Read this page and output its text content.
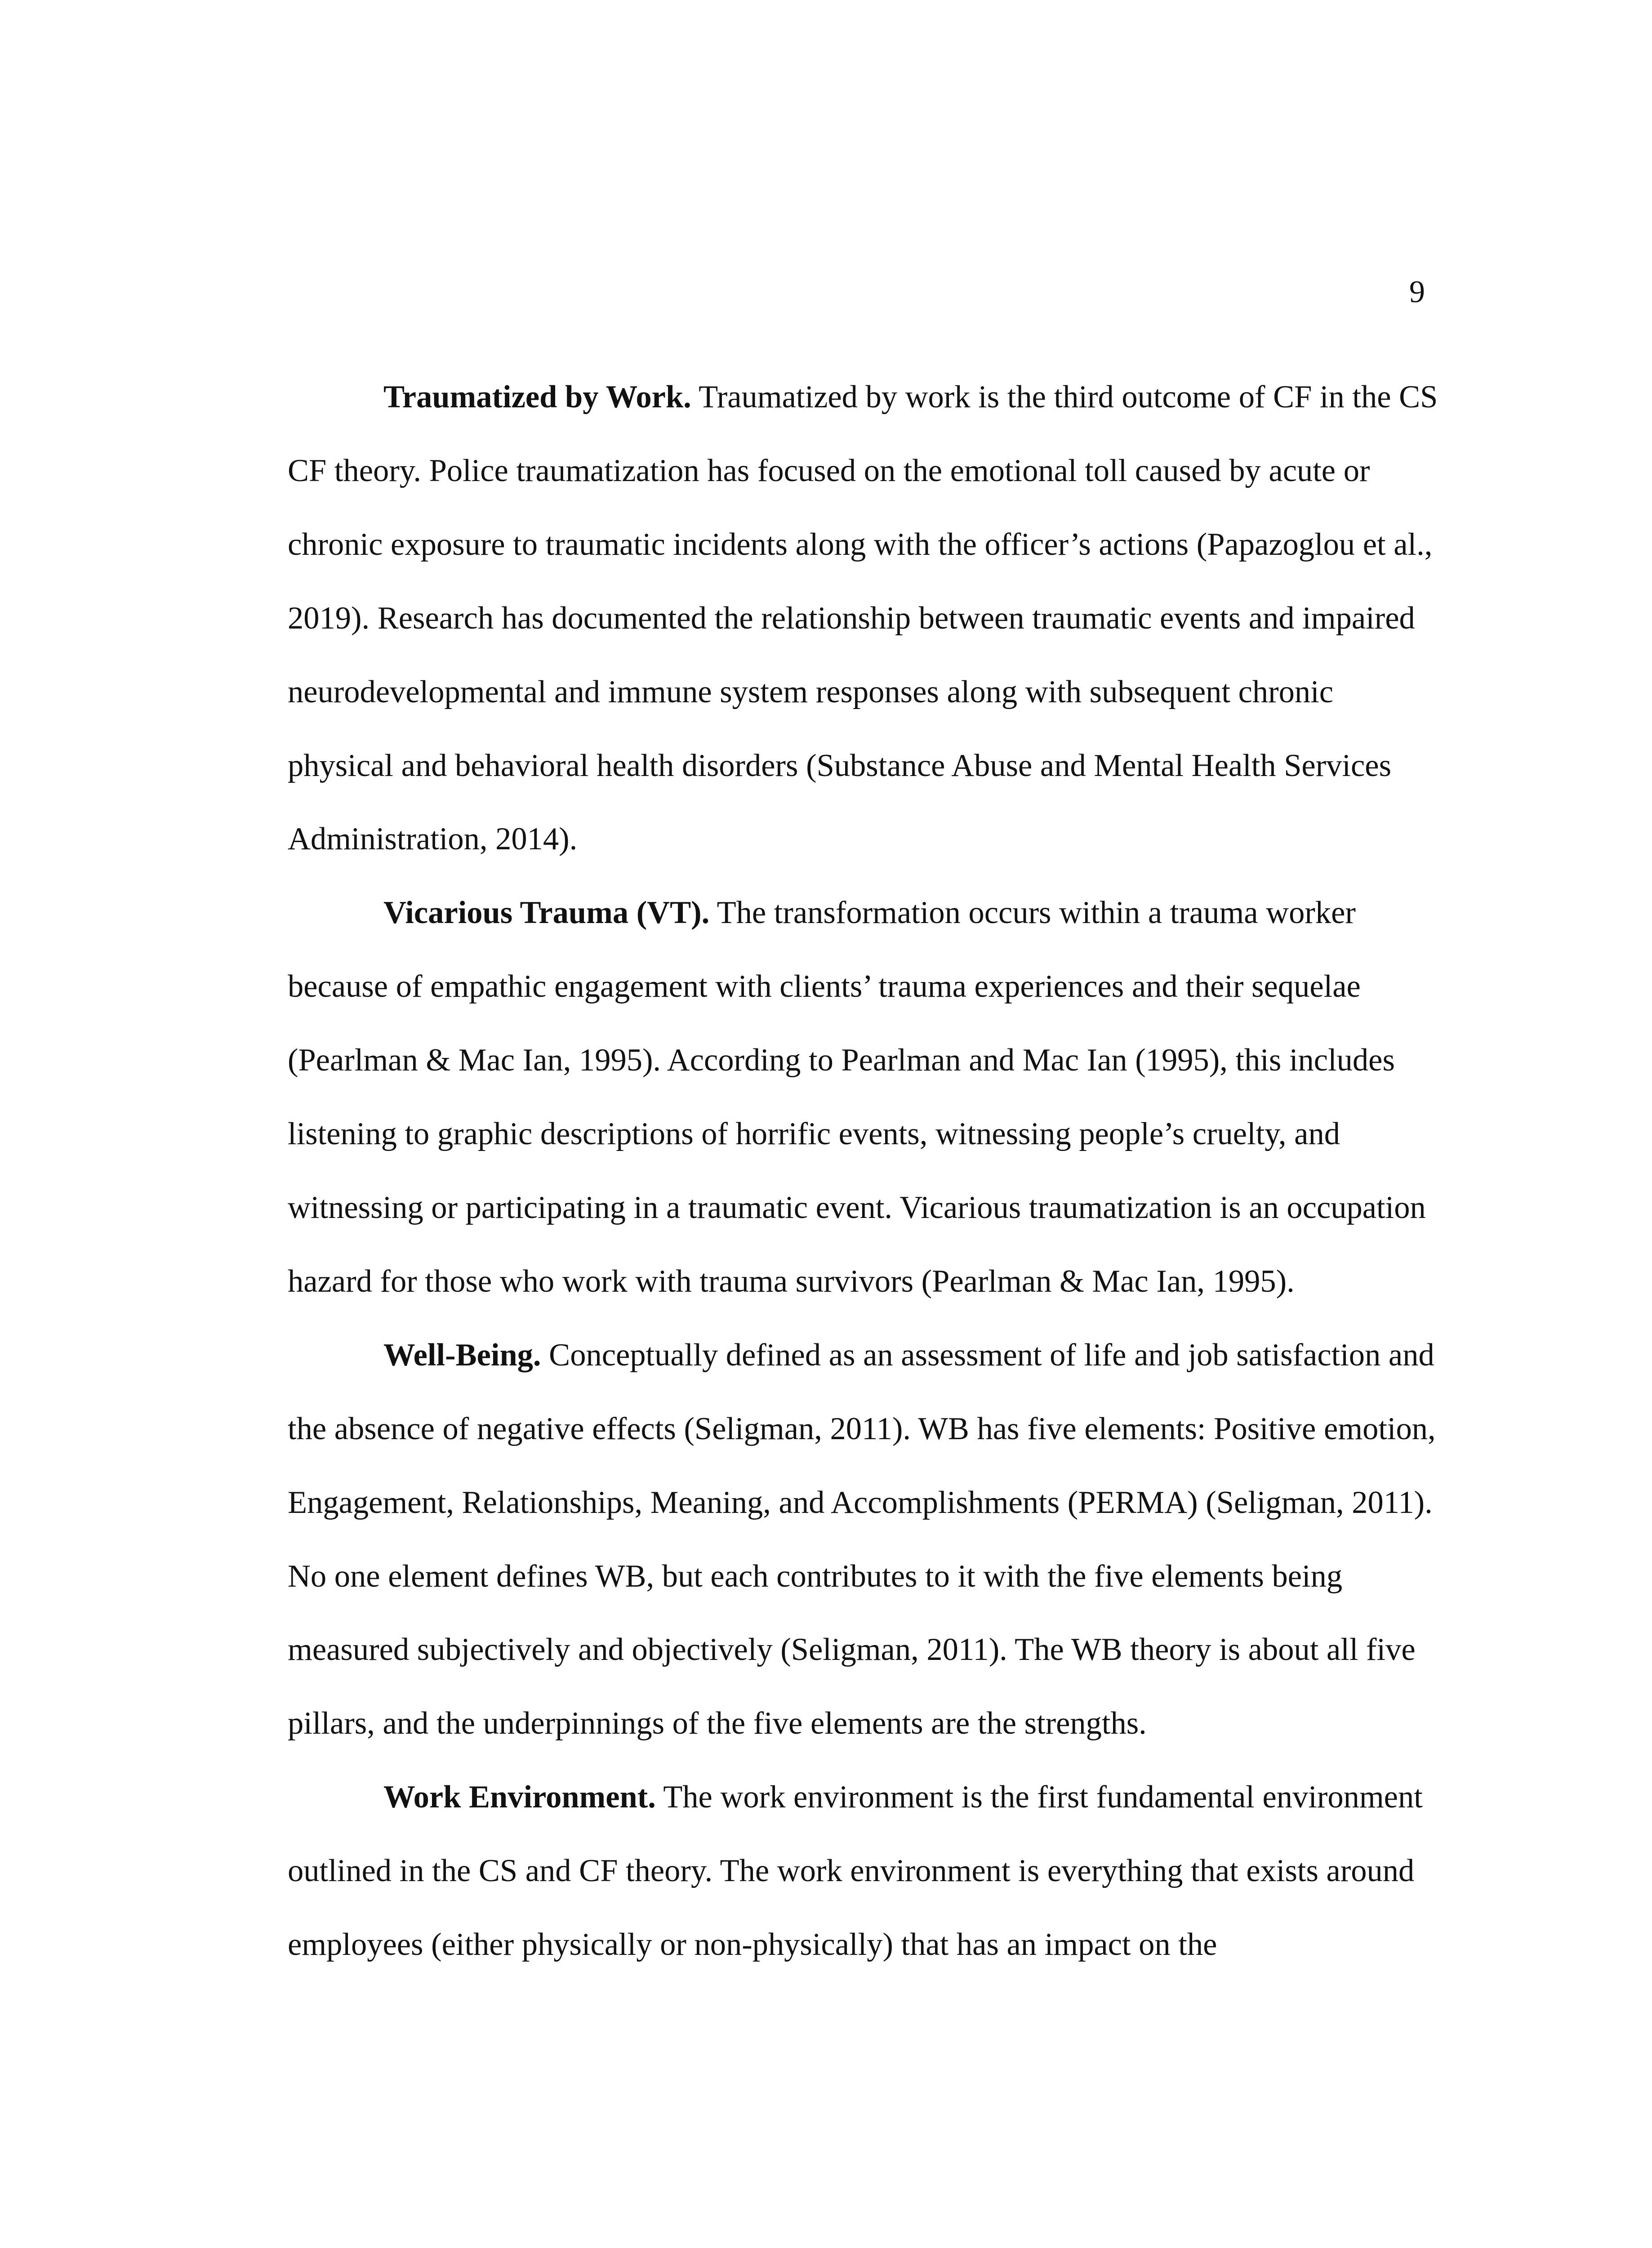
9

Traumatized by Work. Traumatized by work is the third outcome of CF in the CS CF theory. Police traumatization has focused on the emotional toll caused by acute or chronic exposure to traumatic incidents along with the officer’s actions (Papazoglou et al., 2019). Research has documented the relationship between traumatic events and impaired neurodevelopmental and immune system responses along with subsequent chronic physical and behavioral health disorders (Substance Abuse and Mental Health Services Administration, 2014).

Vicarious Trauma (VT). The transformation occurs within a trauma worker because of empathic engagement with clients’ trauma experiences and their sequelae (Pearlman & Mac Ian, 1995). According to Pearlman and Mac Ian (1995), this includes listening to graphic descriptions of horrific events, witnessing people’s cruelty, and witnessing or participating in a traumatic event. Vicarious traumatization is an occupation hazard for those who work with trauma survivors (Pearlman & Mac Ian, 1995).

Well-Being. Conceptually defined as an assessment of life and job satisfaction and the absence of negative effects (Seligman, 2011). WB has five elements: Positive emotion, Engagement, Relationships, Meaning, and Accomplishments (PERMA) (Seligman, 2011). No one element defines WB, but each contributes to it with the five elements being measured subjectively and objectively (Seligman, 2011). The WB theory is about all five pillars, and the underpinnings of the five elements are the strengths.

Work Environment. The work environment is the first fundamental environment outlined in the CS and CF theory. The work environment is everything that exists around employees (either physically or non-physically) that has an impact on the
